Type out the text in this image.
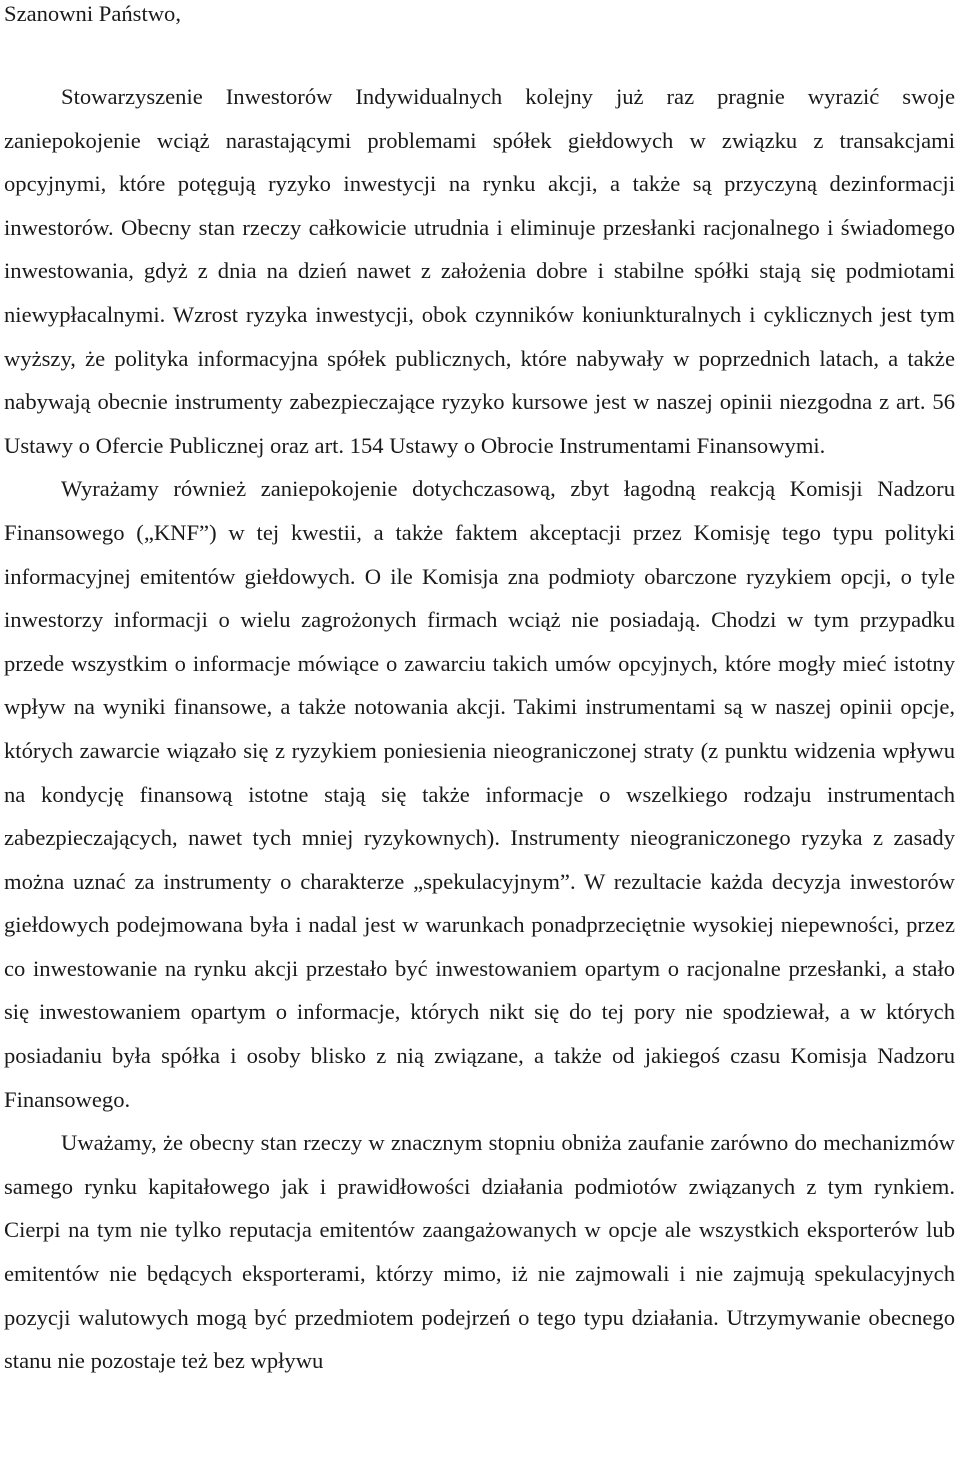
Szanowni Państwo,

Stowarzyszenie Inwestorów Indywidualnych kolejny już raz pragnie wyrazić swoje zaniepokojenie wciąż narastającymi problemami spółek giełdowych w związku z transakcjami opcyjnymi, które potęgują ryzyko inwestycji na rynku akcji, a także są przyczyną dezinformacji inwestorów. Obecny stan rzeczy całkowicie utrudnia i eliminuje przesłanki racjonalnego i świadomego inwestowania, gdyż z dnia na dzień nawet z założenia dobre i stabilne spółki stają się podmiotami niewypłacalnymi. Wzrost ryzyka inwestycji, obok czynników koniunkturalnych i cyklicznych jest tym wyższy, że polityka informacyjna spółek publicznych, które nabywały w poprzednich latach, a także nabywają obecnie instrumenty zabezpieczające ryzyko kursowe jest w naszej opinii niezgodna z art. 56 Ustawy o Ofercie Publicznej oraz art. 154 Ustawy o Obrocie Instrumentami Finansowymi.

Wyrażamy również zaniepokojenie dotychczasową, zbyt łagodną reakcją Komisji Nadzoru Finansowego („KNF”) w tej kwestii, a także faktem akceptacji przez Komisję tego typu polityki informacyjnej emitentów giełdowych. O ile Komisja zna podmioty obarczone ryzykiem opcji, o tyle inwestorzy informacji o wielu zagrożonych firmach wciąż nie posiadają. Chodzi w tym przypadku przede wszystkim o informacje mówiące o zawarciu takich umów opcyjnych, które mogły mieć istotny wpływ na wyniki finansowe, a także notowania akcji. Takimi instrumentami są w naszej opinii opcje, których zawarcie wiązało się z ryzykiem poniesienia nieograniczonej straty (z punktu widzenia wpływu na kondycję finansową istotne stają się także informacje o wszelkiego rodzaju instrumentach zabezpieczających, nawet tych mniej ryzykownych). Instrumenty nieograniczonego ryzyka z zasady można uznać za instrumenty o charakterze „spekulacyjnym”. W rezultacie każda decyzja inwestorów giełdowych podejmowana była i nadal jest w warunkach ponadprzeciętnie wysokiej niepewności, przez co inwestowanie na rynku akcji przestało być inwestowaniem opartym o racjonalne przesłanki, a stało się inwestowaniem opartym o informacje, których nikt się do tej pory nie spodziewał, a w których posiadaniu była spółka i osoby blisko z nią związane, a także od jakiegoś czasu Komisja Nadzoru Finansowego.

Uważamy, że obecny stan rzeczy w znacznym stopniu obniża zaufanie zarówno do mechanizmów samego rynku kapitałowego jak i prawidłowości działania podmiotów związanych z tym rynkiem. Cierpi na tym nie tylko reputacja emitentów zaangażowanych w opcje ale wszystkich eksporterów lub emitentów nie będących eksporterami, którzy mimo, iż nie zajmowali i nie zajmują spekulacyjnych pozycji walutowych mogą być przedmiotem podejrzeń o tego typu działania. Utrzymywanie obecnego stanu nie pozostaje też bez wpływu
